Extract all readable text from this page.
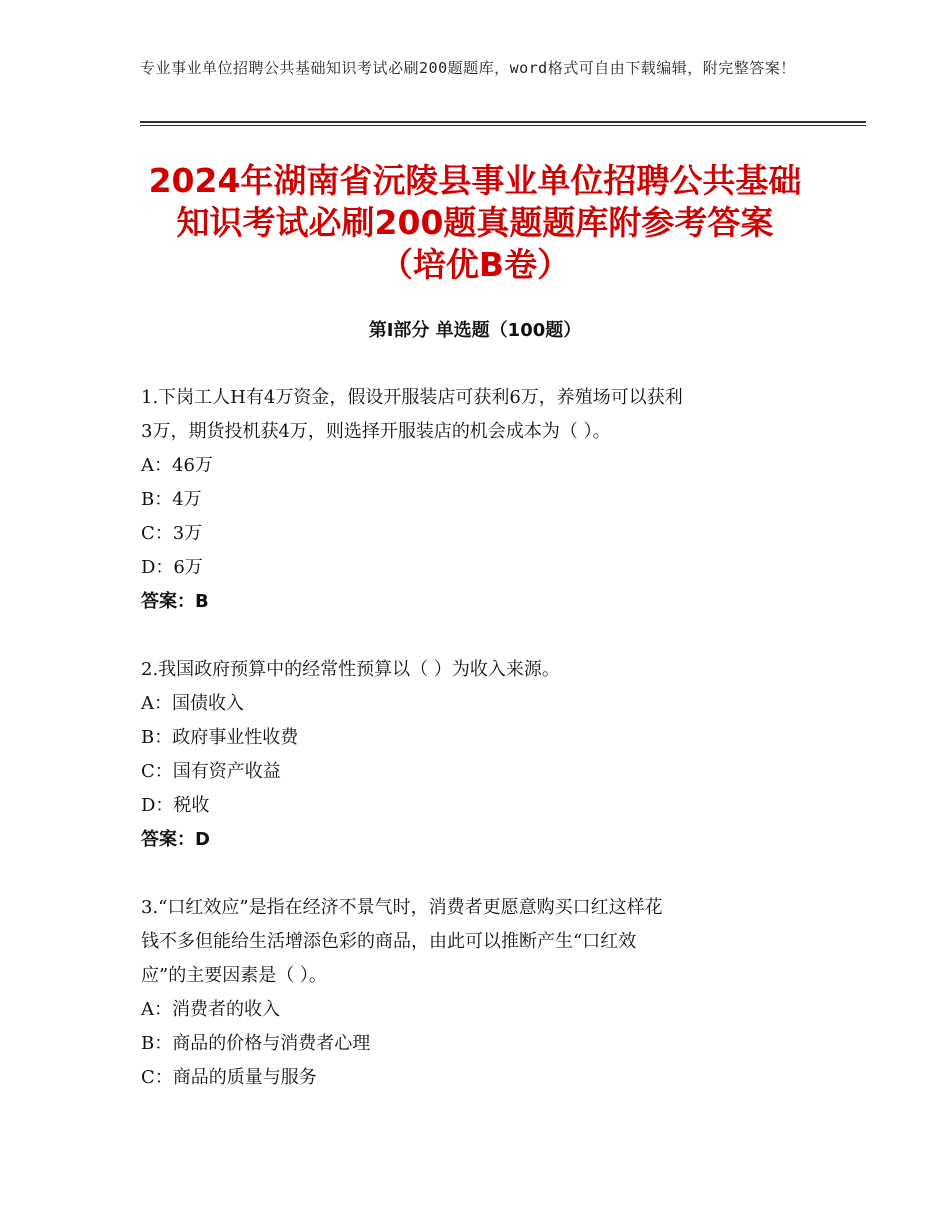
专业事业单位招聘公共基础知识考试必刷200题题库，word格式可自由下载编辑，附完整答案！
2024年湖南省沅陵县事业单位招聘公共基础
知识考试必刷200题真题题库附参考答案
（培优B卷）
第Ⅰ部分 单选题（100题）

1.下岗工人H有4万资金，假设开服装店可获利6万，养殖场可以获利

3万，期货投机获4万，则选择开服装店的机会成本为（ ）。

A：46万

B：4万

C：3万

D：6万

答案：B

2.我国政府预算中的经常性预算以（ ）为收入来源。

A：国债收入

B：政府事业性收费

C：国有资产收益

D：税收

答案：D

3.“口红效应”是指在经济不景气时，消费者更愿意购买口红这样花

钱不多但能给生活增添色彩的商品，由此可以推断产生“口红效

应”的主要因素是（ ）。

A：消费者的收入

B：商品的价格与消费者心理

C：商品的质量与服务
